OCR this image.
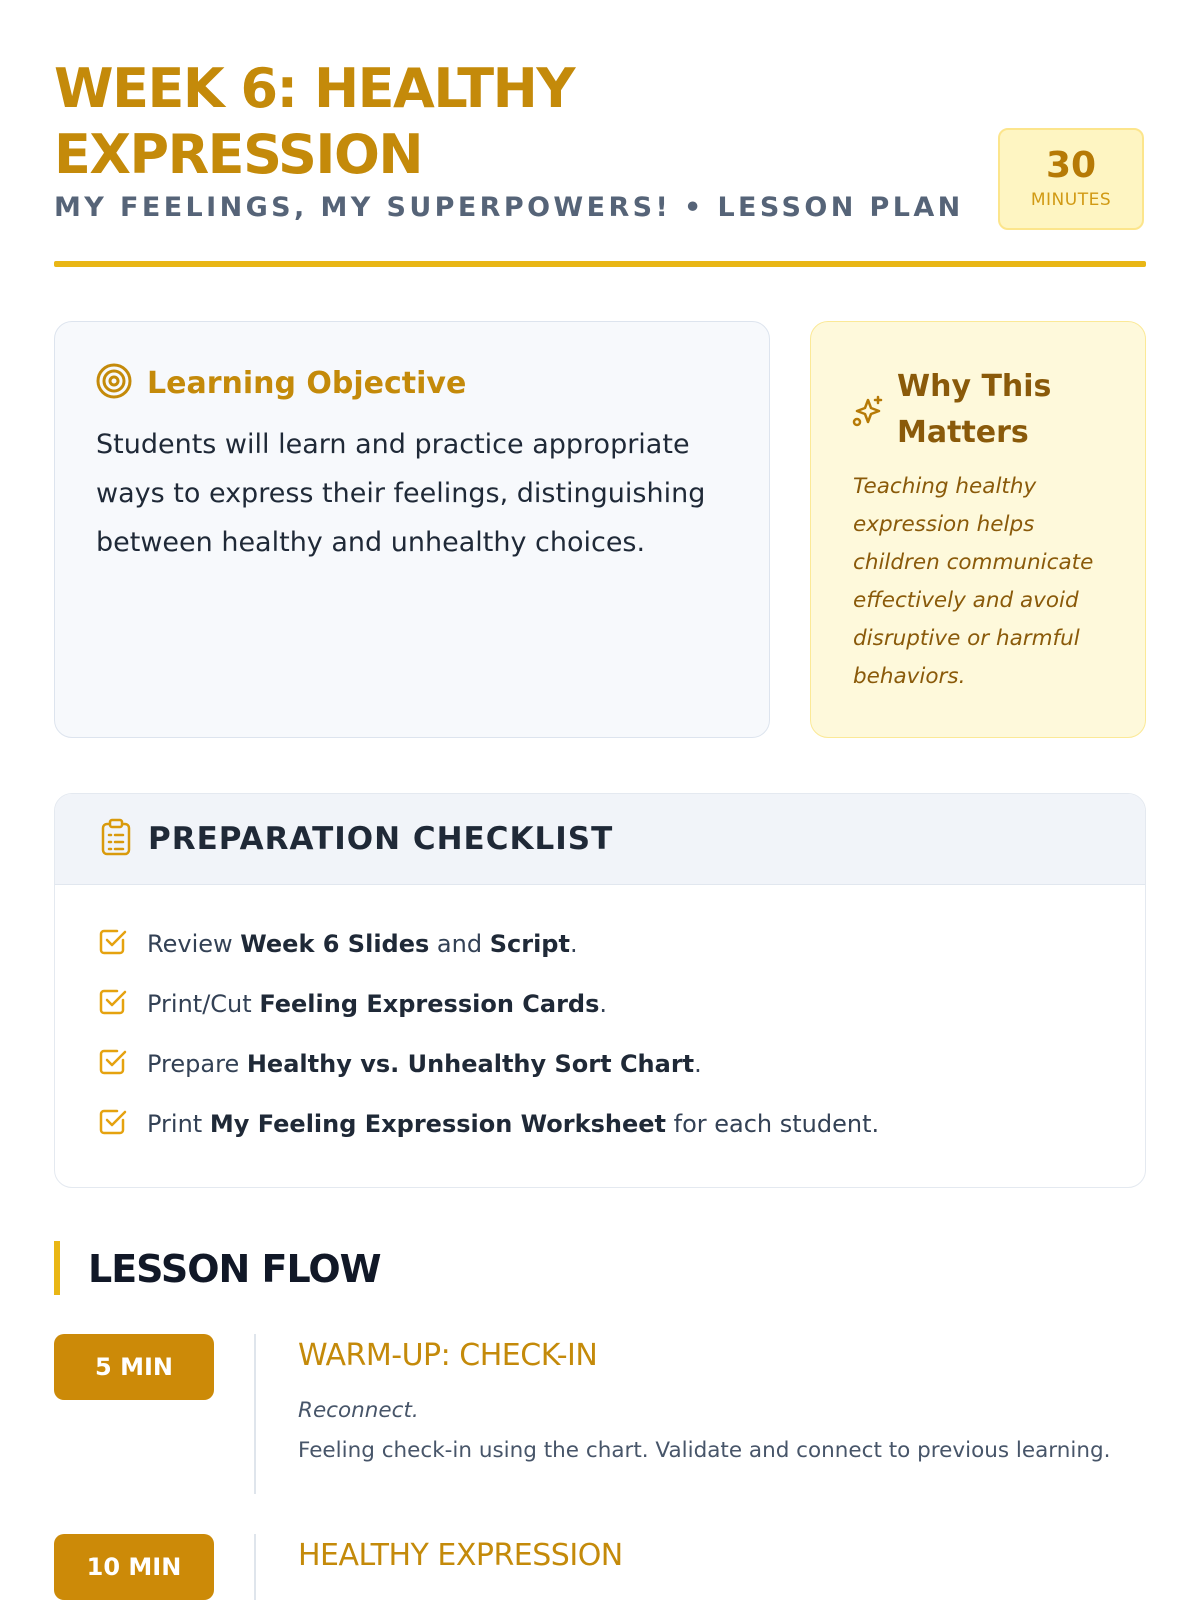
WEEK 6: HEALTHY EXPRESSION
MY FEELINGS, MY SUPERPOWERS! • LESSON PLAN
30
MINUTES
Learning Objective
Students will learn and practice appropriate ways to express their feelings, distinguishing between healthy and unhealthy choices.
Why This Matters
Teaching healthy expression helps children communicate effectively and avoid disruptive or harmful behaviors.
PREPARATION CHECKLIST
Review Week 6 Slides and Script.
Print/Cut Feeling Expression Cards.
Prepare Healthy vs. Unhealthy Sort Chart.
Print My Feeling Expression Worksheet for each student.
LESSON FLOW
5 MIN	WARM-UP: CHECK-IN
Reconnect.
Feeling check-in using the chart. Validate and connect to previous learning.
10 MIN	HEALTHY EXPRESSION
